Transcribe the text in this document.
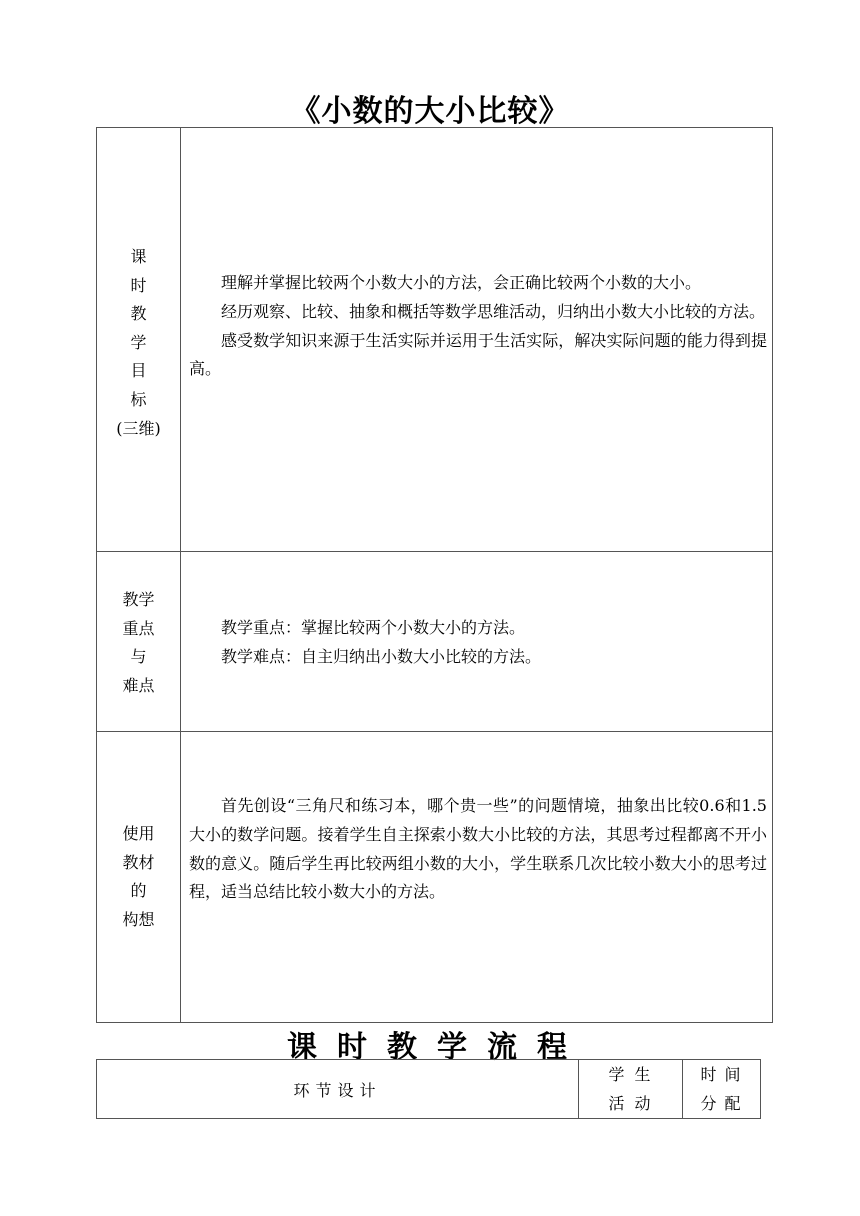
《小数的大小比较》
课
时
教
学
目
标
(三维)

理解并掌握比较两个小数大小的方法，会正确比较两个小数的大小。

经历观察、比较、抽象和概括等数学思维活动，归纳出小数大小比较的方法。

感受数学知识来源于生活实际并运用于生活实际，解决实际问题的能力得到提高。

教学
重点
与
难点

教学重点：掌握比较两个小数大小的方法。

教学难点：自主归纳出小数大小比较的方法。

使用
教材
的
构想

首先创设“三角尺和练习本，哪个贵一些”的问题情境，抽象出比较0.6和1.5大小的数学问题。接着学生自主探索小数大小比较的方法，其思考过程都离不开小数的意义。随后学生再比较两组小数的大小，学生联系几次比较小数大小的思考过程，适当总结比较小数大小的方法。

课时教学流程
环节设计
学生
活动
时间
分配
